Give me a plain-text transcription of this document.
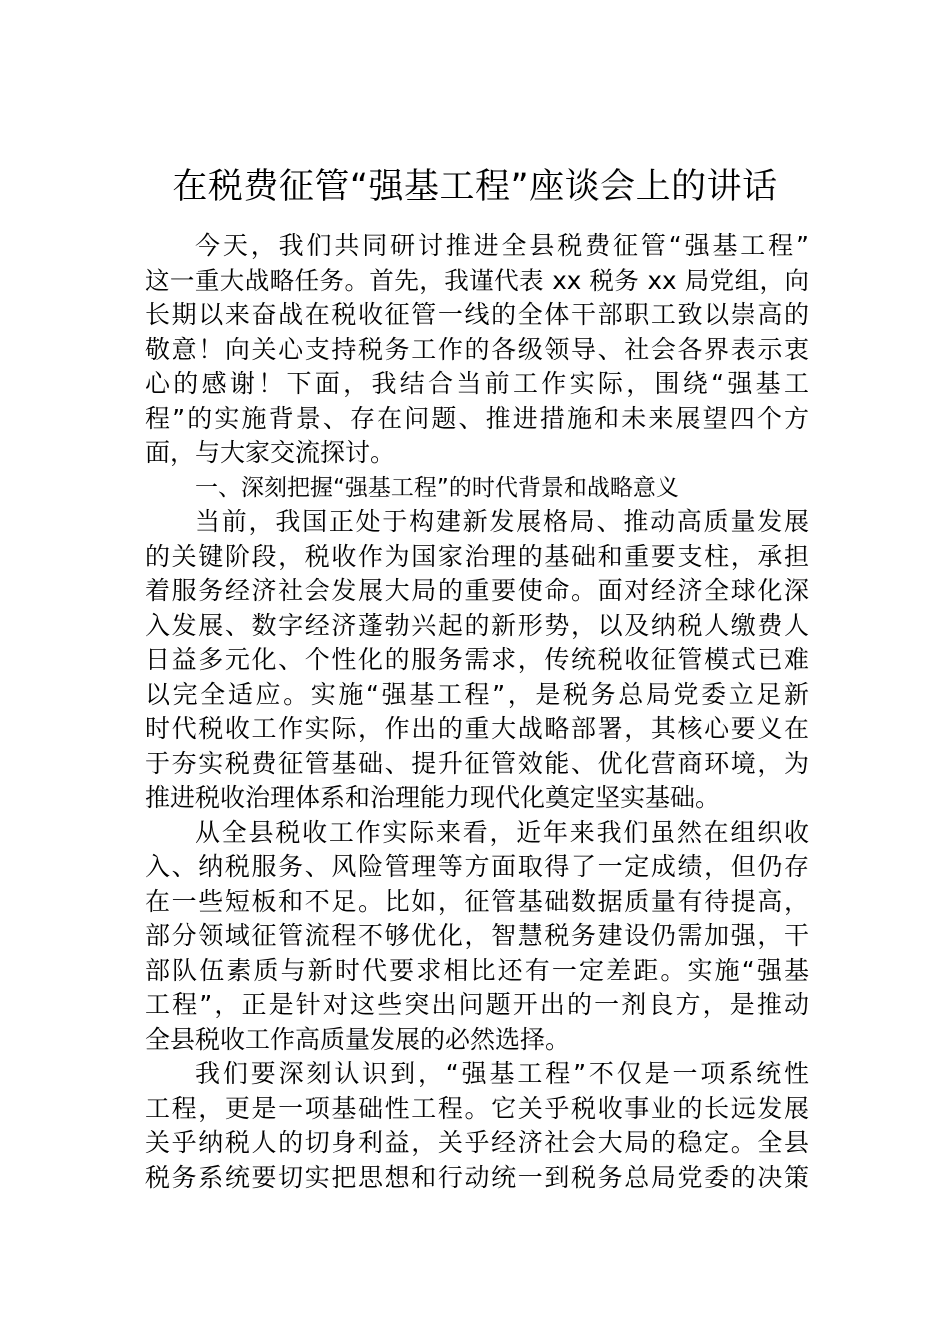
在税费征管“强基工程”座谈会上的讲话
今天，我们共同研讨推进全县税费征管“强基工程”
这一重大战略任务。首先，我谨代表 xx 税务 xx 局党组，向
长期以来奋战在税收征管一线的全体干部职工致以崇高的
敬意！向关心支持税务工作的各级领导、社会各界表示衷
心的感谢！下面，我结合当前工作实际，围绕“强基工
程”的实施背景、存在问题、推进措施和未来展望四个方
面，与大家交流探讨。
一、深刻把握“强基工程”的时代背景和战略意义
当前，我国正处于构建新发展格局、推动高质量发展
的关键阶段，税收作为国家治理的基础和重要支柱，承担
着服务经济社会发展大局的重要使命。面对经济全球化深
入发展、数字经济蓬勃兴起的新形势，以及纳税人缴费人
日益多元化、个性化的服务需求，传统税收征管模式已难
以完全适应。实施“强基工程”，是税务总局党委立足新
时代税收工作实际，作出的重大战略部署，其核心要义在
于夯实税费征管基础、提升征管效能、优化营商环境，为
推进税收治理体系和治理能力现代化奠定坚实基础。
从全县税收工作实际来看，近年来我们虽然在组织收
入、纳税服务、风险管理等方面取得了一定成绩，但仍存
在一些短板和不足。比如，征管基础数据质量有待提高，
部分领域征管流程不够优化，智慧税务建设仍需加强，干
部队伍素质与新时代要求相比还有一定差距。实施“强基
工程”，正是针对这些突出问题开出的一剂良方，是推动
全县税收工作高质量发展的必然选择。
我们要深刻认识到，“强基工程”不仅是一项系统性
工程，更是一项基础性工程。它关乎税收事业的长远发展
关乎纳税人的切身利益，关乎经济社会大局的稳定。全县
税务系统要切实把思想和行动统一到税务总局党委的决策
